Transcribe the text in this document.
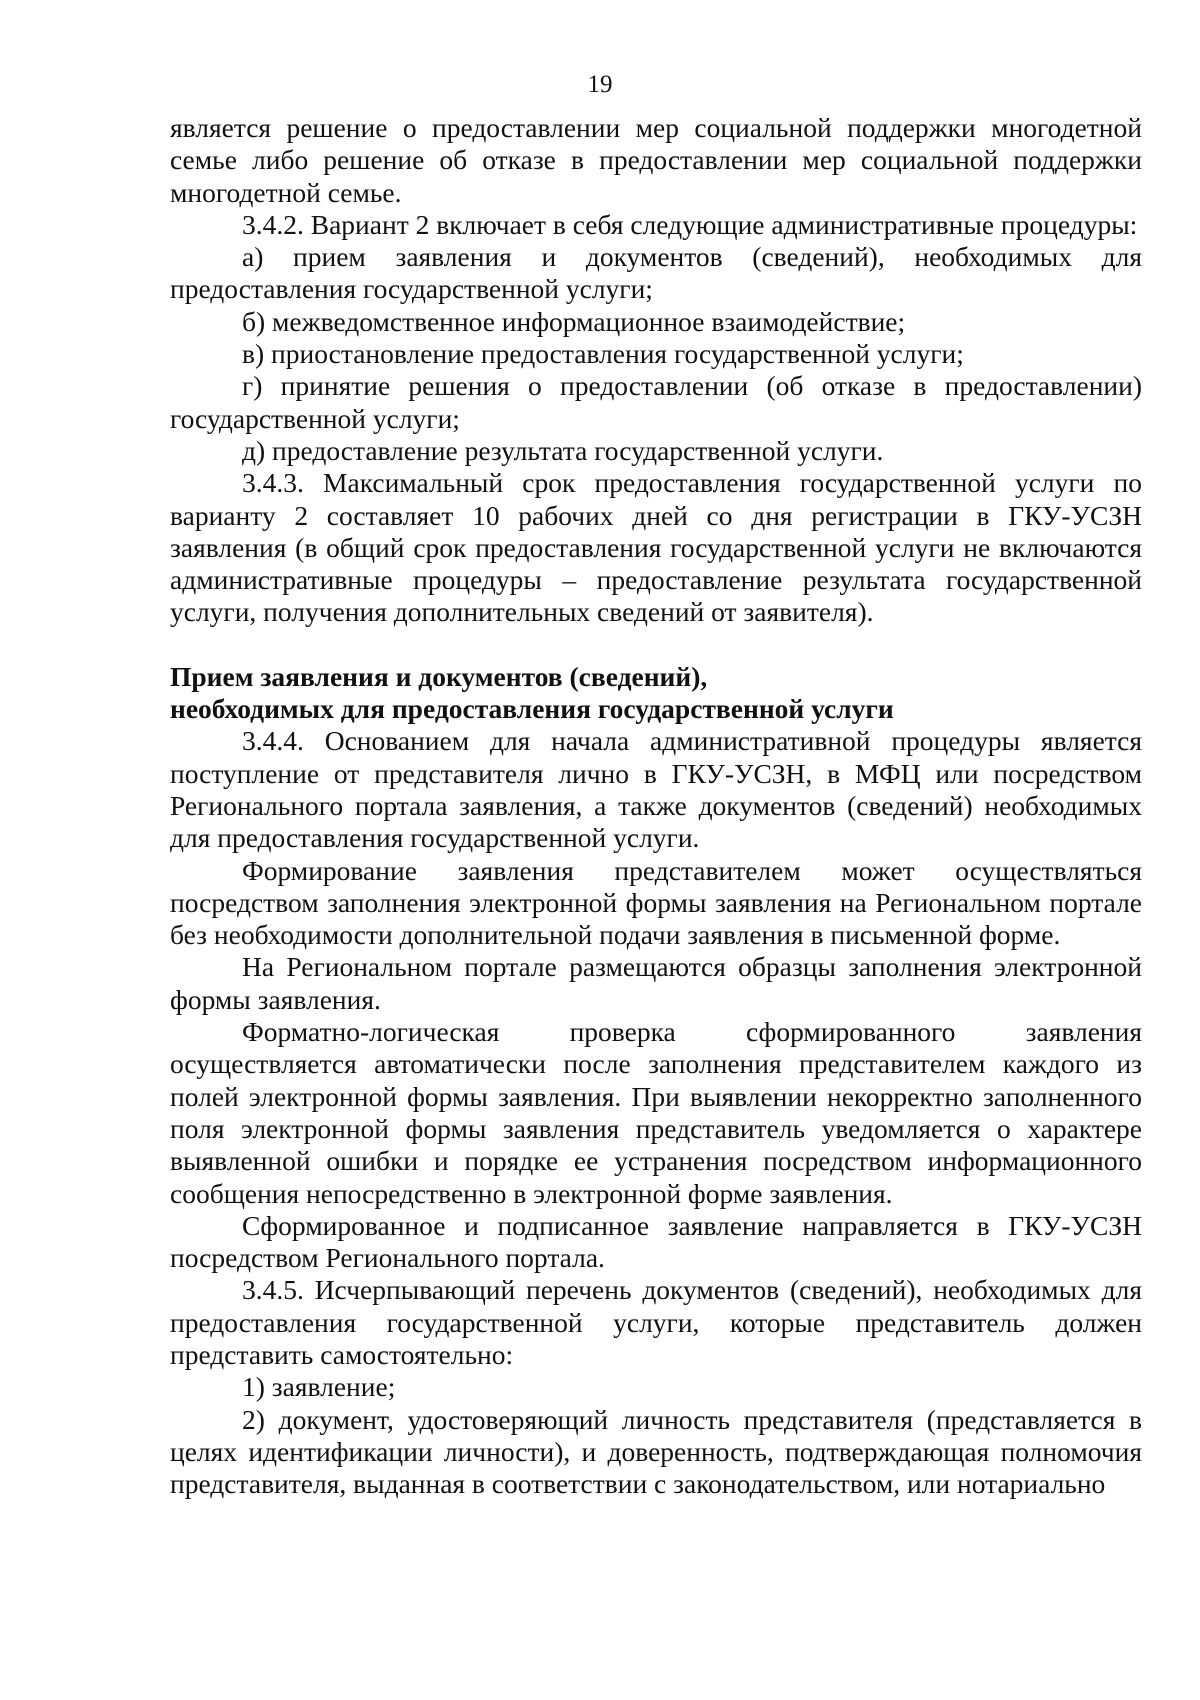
19

является решение о предоставлении мер социальной поддержки многодетной семье либо решение об отказе в предоставлении мер социальной поддержки многодетной семье.

3.4.2. Вариант 2 включает в себя следующие административные процедуры:

а) прием заявления и документов (сведений), необходимых для предоставления государственной услуги;

б) межведомственное информационное взаимодействие;

в) приостановление предоставления государственной услуги;

г) принятие решения о предоставлении (об отказе в предоставлении) государственной услуги;

д) предоставление результата государственной услуги.

3.4.3. Максимальный срок предоставления государственной услуги по варианту 2 составляет 10 рабочих дней со дня регистрации в ГКУ-УСЗН заявления (в общий срок предоставления государственной услуги не включаются административные процедуры – предоставление результата государственной услуги, получения дополнительных сведений от заявителя).

Прием заявления и документов (сведений),

необходимых для предоставления государственной услуги

3.4.4. Основанием для начала административной процедуры является поступление от представителя лично в ГКУ-УСЗН, в МФЦ или посредством Регионального портала заявления, а также документов (сведений) необходимых для предоставления государственной услуги.

Формирование заявления представителем может осуществляться посредством заполнения электронной формы заявления на Региональном портале без необходимости дополнительной подачи заявления в письменной форме.

На Региональном портале размещаются образцы заполнения электронной формы заявления.

Форматно-логическая проверка сформированного заявления осуществляется автоматически после заполнения представителем каждого из полей электронной формы заявления. При выявлении некорректно заполненного поля электронной формы заявления представитель уведомляется о характере выявленной ошибки и порядке ее устранения посредством информационного сообщения непосредственно в электронной форме заявления.

Сформированное и подписанное заявление направляется в ГКУ-УСЗН посредством Регионального портала.

3.4.5. Исчерпывающий перечень документов (сведений), необходимых для предоставления государственной услуги, которые представитель должен представить самостоятельно:

1) заявление;

2) документ, удостоверяющий личность представителя (представляется в целях идентификации личности), и доверенность, подтверждающая полномочия представителя, выданная в соответствии с законодательством, или нотариально
